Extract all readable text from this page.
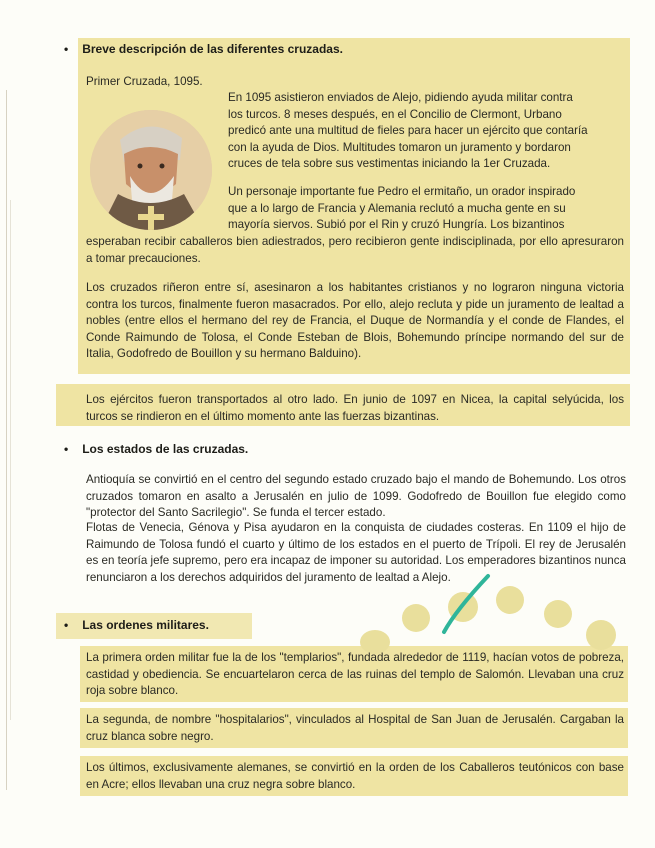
• Breve descripción de las diferentes cruzadas.
Primer Cruzada, 1095.

En 1095 asistieron enviados de Alejo, pidiendo ayuda militar contra

los turcos. 8 meses después, en el Concilio de Clermont, Urbano

predicó ante una multitud de fieles para hacer un ejército que contaría

con la ayuda de Dios. Multitudes tomaron un juramento y bordaron

cruces de tela sobre sus vestimentas iniciando la 1er Cruzada.

Un personaje importante fue Pedro el ermitaño, un orador inspirado

que a lo largo de Francia y Alemania reclutó a mucha gente en su

mayoría siervos. Subió por el Rin y cruzó Hungría. Los bizantinos

esperaban recibir caballeros bien adiestrados, pero recibieron gente indisciplinada, por ello apresuraron a tomar precauciones.
Los cruzados riñeron entre sí, asesinaron a los habitantes cristianos y no lograron ninguna victoria contra los turcos, finalmente fueron masacrados. Por ello, alejo recluta y pide un juramento de lealtad a nobles (entre ellos el hermano del rey de Francia, el Duque de Normandía y el conde de Flandes, el Conde Raimundo de Tolosa, el Conde Esteban de Blois, Bohemundo príncipe normando del sur de Italia, Godofredo de Bouillon y su hermano Balduino).
Los ejércitos fueron transportados al otro lado. En junio de 1097 en Nicea, la capital selyúcida, los turcos se rindieron en el último momento ante las fuerzas bizantinas.
• Los estados de las cruzadas.
Antioquía se convirtió en el centro del segundo estado cruzado bajo el mando de Bohemundo. Los otros cruzados tomaron en asalto a Jerusalén en julio de 1099. Godofredo de Bouillon fue elegido como "protector del Santo Sacrilegio". Se funda el tercer estado.
Flotas de Venecia, Génova y Pisa ayudaron en la conquista de ciudades costeras. En 1109 el hijo de Raimundo de Tolosa fundó el cuarto y último de los estados en el puerto de Trípoli. El rey de Jerusalén es en teoría jefe supremo, pero era incapaz de imponer su autoridad. Los emperadores bizantinos nunca renunciaron a los derechos adquiridos del juramento de lealtad a Alejo.
• Las ordenes militares.
La primera orden militar fue la de los "templarios", fundada alrededor de 1119, hacían votos de pobreza, castidad y obediencia. Se encuartelaron cerca de las ruinas del templo de Salomón. Llevaban una cruz roja sobre blanco.
La segunda, de nombre "hospitalarios", vinculados al Hospital de San Juan de Jerusalén. Cargaban la cruz blanca sobre negro.
Los últimos, exclusivamente alemanes, se convirtió en la orden de los Caballeros teutónicos con base en Acre; ellos llevaban una cruz negra sobre blanco.
